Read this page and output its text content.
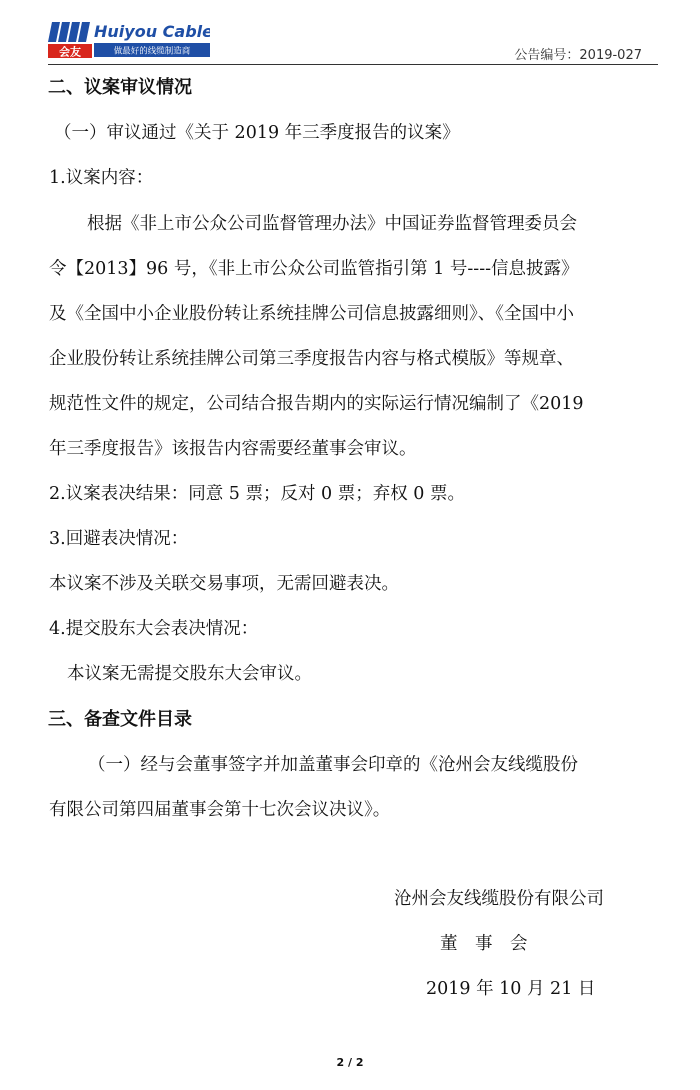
会友
Huiyou Cable
做最好的线缆制造商	公告编号：2019-027
二、议案审议情况
（一）审议通过《关于 2019 年三季度报告的议案》
1.议案内容：
根据《非上市公众公司监督管理办法》中国证券监督管理委员会
令【2013】96 号，《非上市公众公司监管指引第 1 号----信息披露》
及《全国中小企业股份转让系统挂牌公司信息披露细则》、《全国中小
企业股份转让系统挂牌公司第三季度报告内容与格式模版》等规章、
规范性文件的规定，公司结合报告期内的实际运行情况编制了《2019
年三季度报告》该报告内容需要经董事会审议。
2.议案表决结果：同意 5 票；反对 0 票；弃权 0 票。
3.回避表决情况：
本议案不涉及关联交易事项，无需回避表决。
4.提交股东大会表决情况：
本议案无需提交股东大会审议。
三、备查文件目录
（一）经与会董事签字并加盖董事会印章的《沧州会友线缆股份
有限公司第四届董事会第十七次会议决议》。
沧州会友线缆股份有限公司
董　事　会
2019 年 10 月 21 日
2 / 2
